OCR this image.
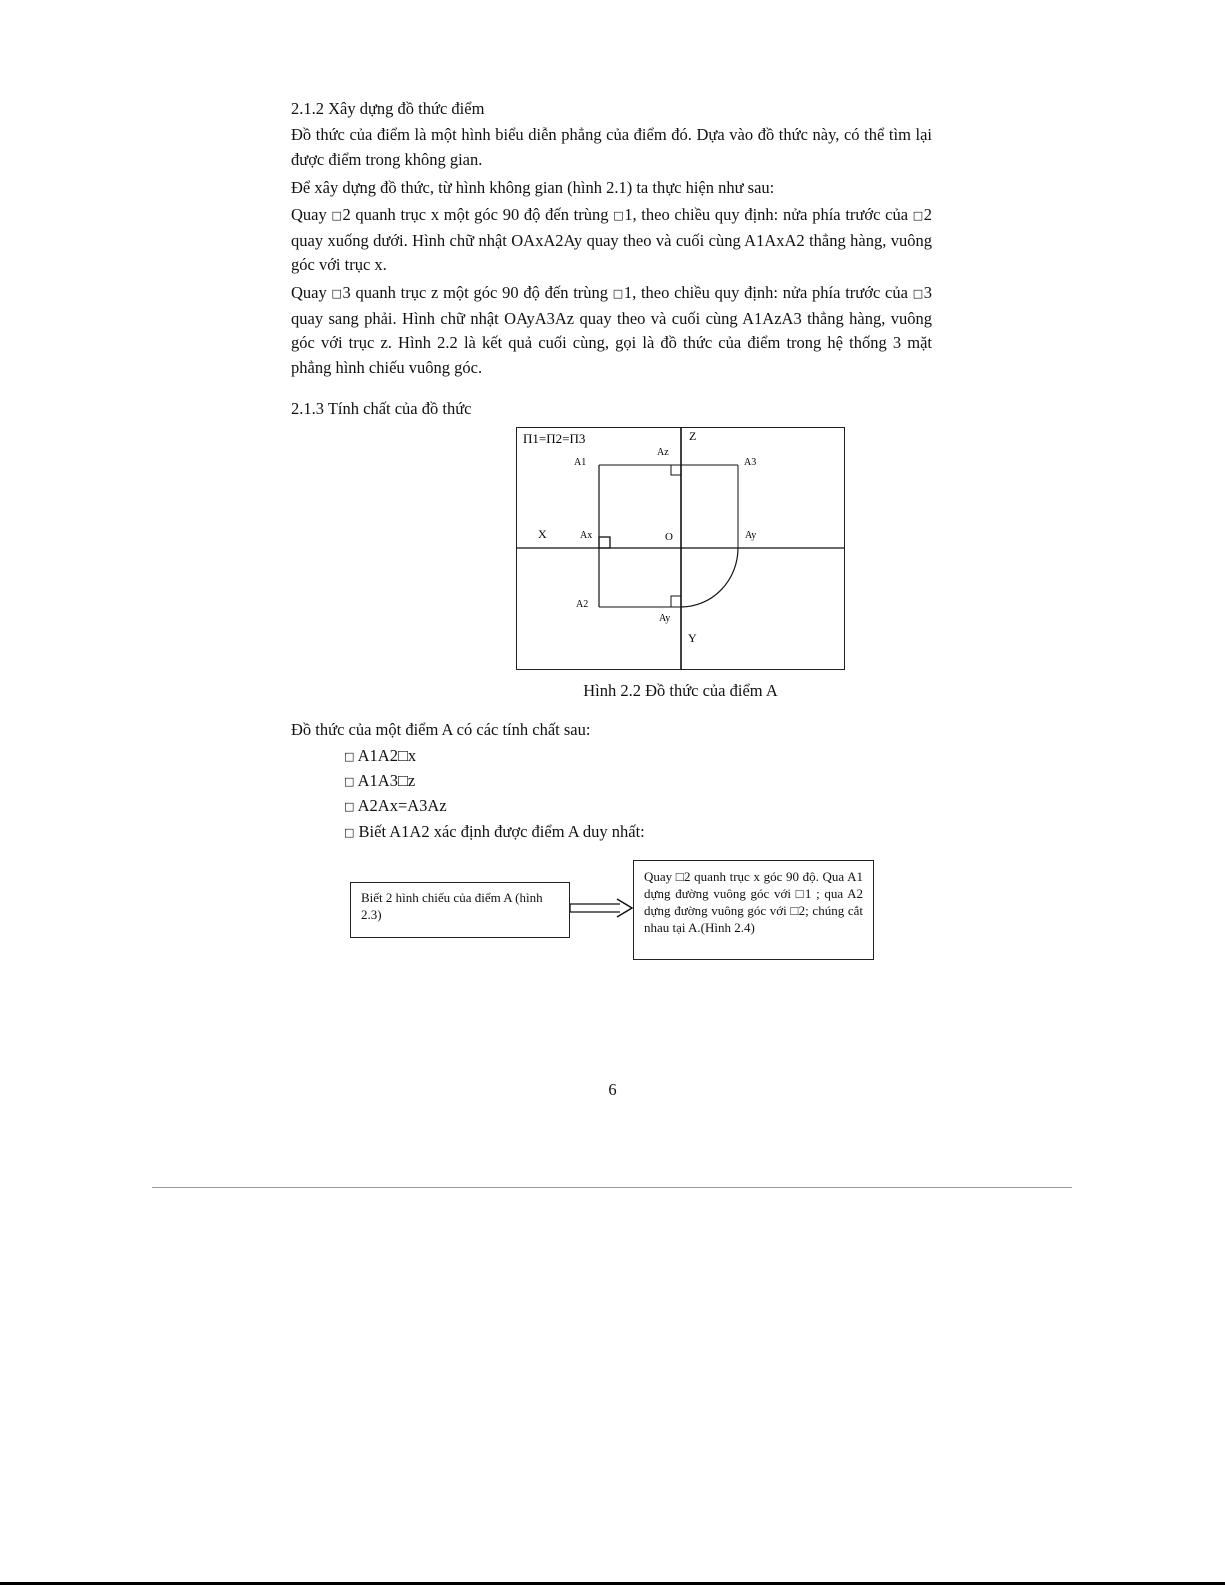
2.1.2 Xây dựng đồ thức điểm
Đồ thức của điểm là một hình biểu diễn phẳng của điểm đó. Dựa vào đồ thức này, có thể tìm lại được điểm trong không gian.
Để xây dựng đồ thức, từ hình không gian (hình 2.1) ta thực hiện như sau:
Quay □2 quanh trục x một góc 90 độ đến trùng □1, theo chiều quy định: nửa phía trước của □2 quay xuống dưới. Hình chữ nhật OAxA2Ay quay theo và cuối cùng A1AxA2 thẳng hàng, vuông góc với trục x.
Quay □3 quanh trục z một góc 90 độ đến trùng □1, theo chiều quy định: nửa phía trước của □3 quay sang phải. Hình chữ nhật OAyA3Az quay theo và cuối cùng A1AzA3 thẳng hàng, vuông góc với trục z. Hình 2.2 là kết quả cuối cùng, gọi là đồ thức của điểm trong hệ thống 3 mặt phẳng hình chiếu vuông góc.
2.1.3 Tính chất của đồ thức
Π1=Π2=Π3	Z
X
Y
O
A1
A2
A3
Az
Ax	Ay
Ay
Hình 2.2 Đồ thức của điểm A
Đồ thức của một điểm A có các tính chất sau:
□ A1A2□x
□ A1A3□z
□ A2Ax=A3Az
□ Biết A1A2 xác định được điểm A duy nhất:
Biết 2 hình chiếu của điểm A (hình 2.3)
Quay □2 quanh trục x góc 90 độ. Qua A1 dựng đường vuông góc với □1 ; qua A2 dựng đường vuông góc với □2; chúng cắt nhau tại A.(Hình 2.4)
6
